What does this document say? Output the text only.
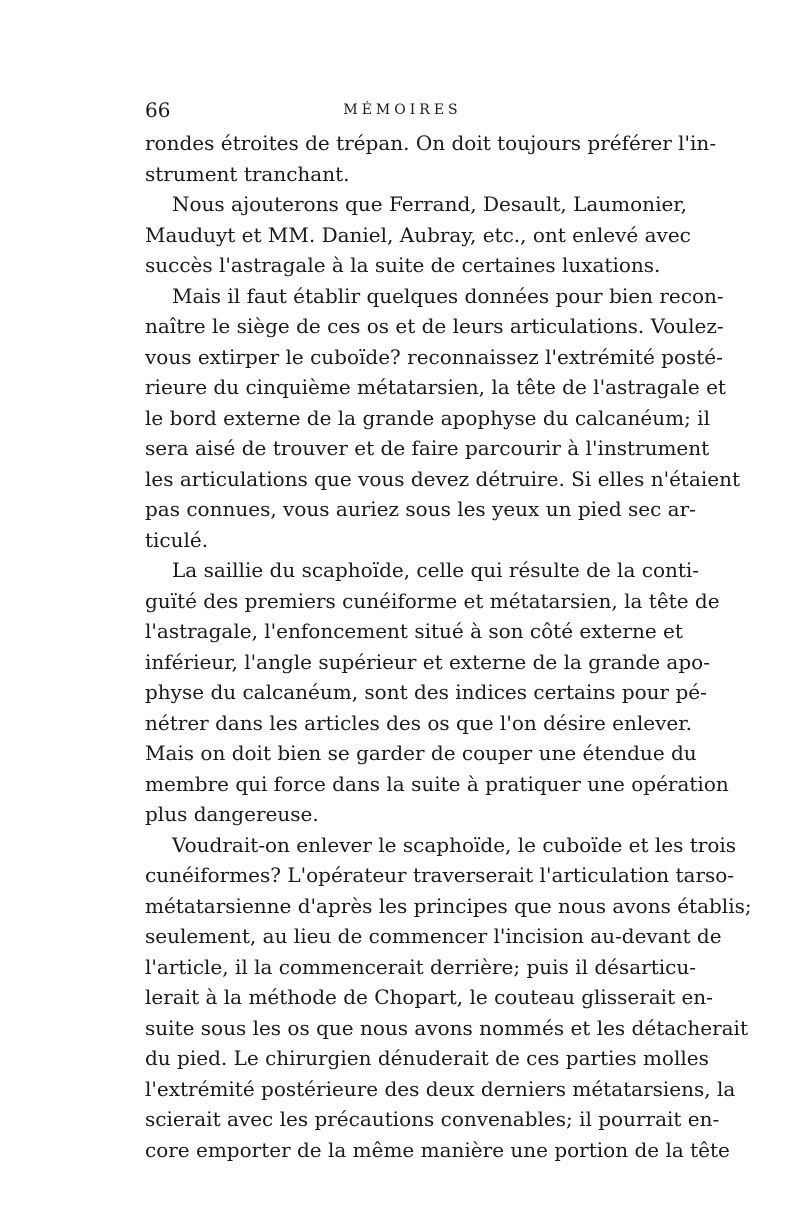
66	MÉMOIRES
rondes étroites de trépan. On doit toujours préférer l'in-
strument tranchant.
Nous ajouterons que Ferrand, Desault, Laumonier,
Mauduyt et MM. Daniel, Aubray, etc., ont enlevé avec
succès l'astragale à la suite de certaines luxations.
Mais il faut établir quelques données pour bien recon-
naître le siège de ces os et de leurs articulations. Voulez-
vous extirper le cuboïde? reconnaissez l'extrémité posté-
rieure du cinquième métatarsien, la tête de l'astragale et
le bord externe de la grande apophyse du calcanéum; il
sera aisé de trouver et de faire parcourir à l'instrument
les articulations que vous devez détruire. Si elles n'étaient
pas connues, vous auriez sous les yeux un pied sec ar-
ticulé.
La saillie du scaphoïde, celle qui résulte de la conti-
guïté des premiers cunéiforme et métatarsien, la tête de
l'astragale, l'enfoncement situé à son côté externe et
inférieur, l'angle supérieur et externe de la grande apo-
physe du calcanéum, sont des indices certains pour pé-
nétrer dans les articles des os que l'on désire enlever.
Mais on doit bien se garder de couper une étendue du
membre qui force dans la suite à pratiquer une opération
plus dangereuse.
Voudrait-on enlever le scaphoïde, le cuboïde et les trois
cunéiformes? L'opérateur traverserait l'articulation tarso-
métatarsienne d'après les principes que nous avons établis;
seulement, au lieu de commencer l'incision au-devant de
l'article, il la commencerait derrière; puis il désarticu-
lerait à la méthode de Chopart, le couteau glisserait en-
suite sous les os que nous avons nommés et les détacherait
du pied. Le chirurgien dénuderait de ces parties molles
l'extrémité postérieure des deux derniers métatarsiens, la
scierait avec les précautions convenables; il pourrait en-
core emporter de la même manière une portion de la tête
